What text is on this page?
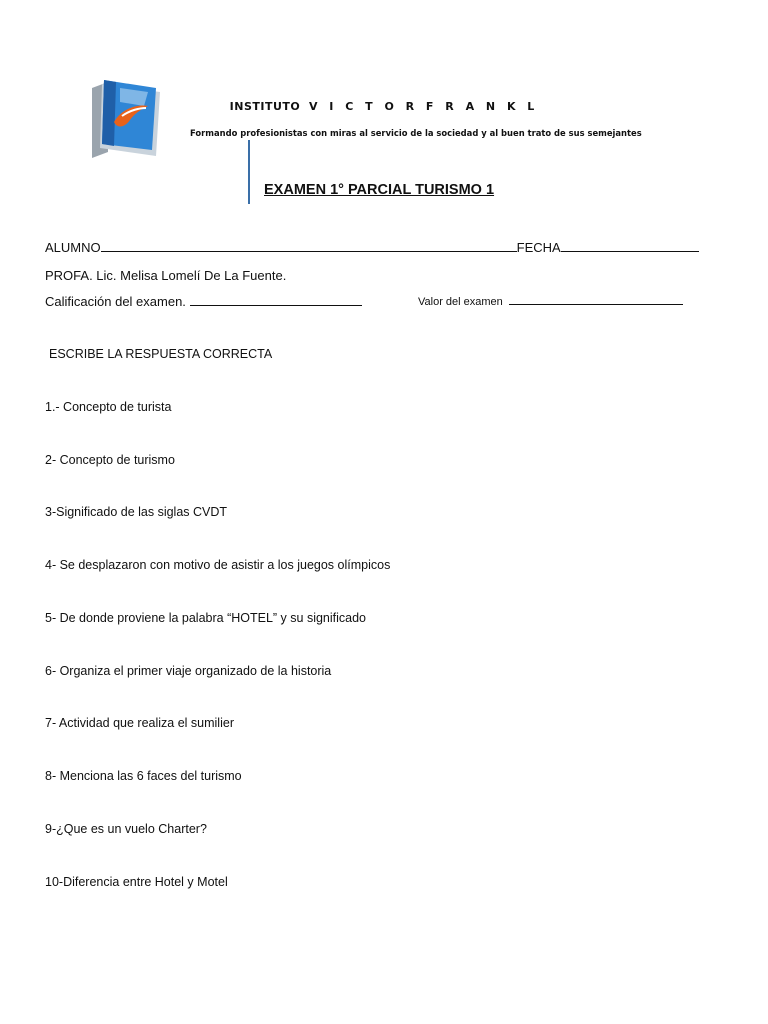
INSTITUTO V I C T O R F R A N K L
Formando profesionistas con miras al servicio de la sociedad y al buen trato de sus semejantes
EXAMEN 1° PARCIAL TURISMO 1
ALUMNO	FECHA
PROFA. Lic. Melisa Lomelí De La Fuente.
Calificación del examen.	Valor del examen
ESCRIBE LA RESPUESTA CORRECTA
1.- Concepto de turista
2- Concepto de turismo
3-Significado de las siglas CVDT
4- Se desplazaron con motivo de asistir a los juegos olímpicos
5- De donde proviene la palabra “HOTEL” y su significado
6- Organiza el primer viaje organizado de la historia
7- Actividad que realiza el sumilier
8- Menciona las 6 faces del turismo
9-¿Que es un vuelo Charter?
10-Diferencia entre Hotel y Motel
